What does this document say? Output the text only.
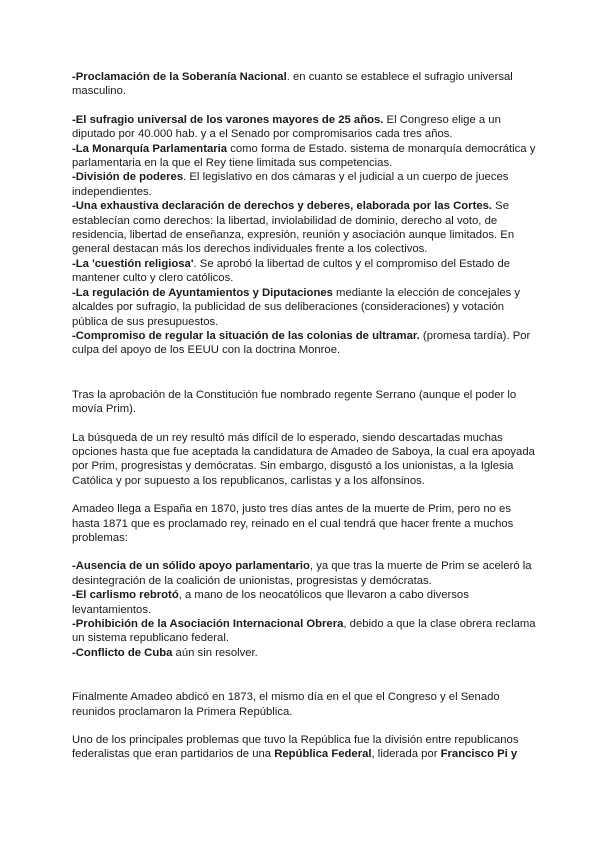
-Proclamación de la Soberanía Nacional. en cuanto se establece el sufragio universal masculino.

-El sufragio universal de los varones mayores de 25 años. El Congreso elige a un diputado por 40.000 hab. y a el Senado por compromisarios cada tres años.

-La Monarquía Parlamentaria como forma de Estado. sistema de monarquía democrática y parlamentaria en la que el Rey tiene limitada sus competencias.

-División de poderes. El legislativo en dos cámaras y el judicial a un cuerpo de jueces independientes.

-Una exhaustiva declaración de derechos y deberes, elaborada por las Cortes. Se establecían como derechos: la libertad, inviolabilidad de dominio, derecho al voto, de residencia, libertad de enseñanza, expresión, reunión y asociación aunque limitados. En general destacan más los derechos individuales frente a los colectivos.

-La 'cuestión religiosa'. Se aprobó la libertad de cultos y el compromiso del Estado de mantener culto y clero católicos.

-La regulación de Ayuntamientos y Diputaciones mediante la elección de concejales y alcaldes por sufragio, la publicidad de sus deliberaciones (consideraciones) y votación pública de sus presupuestos.

-Compromiso de regular la situación de las colonias de ultramar. (promesa tardía). Por culpa del apoyo de los EEUU con la doctrina Monroe.

Tras la aprobación de la Constitución fue nombrado regente Serrano (aunque el poder lo movía Prim).

La búsqueda de un rey resultó más difícil de lo esperado, siendo descartadas muchas opciones hasta que fue aceptada la candidatura de Amadeo de Saboya, la cual era apoyada por Prim, progresistas y demócratas. Sin embargo, disgustó a los unionistas, a la Iglesia Católica y por supuesto a los republicanos, carlistas y a los alfonsinos.

Amadeo llega a España en 1870, justo tres días antes de la muerte de Prim, pero no es hasta 1871 que es proclamado rey, reinado en el cual tendrá que hacer frente a muchos problemas:

-Ausencia de un sólido apoyo parlamentario, ya que tras la muerte de Prim se aceleró la desintegración de la coalición de unionistas, progresistas y demócratas.

-El carlismo rebrotó, a mano de los neocatólicos que llevaron a cabo diversos levantamientos.

-Prohibición de la Asociación Internacional Obrera, debido a que la clase obrera reclama un sistema republicano federal.

-Conflicto de Cuba aún sin resolver.

Finalmente Amadeo abdicó en 1873, el mismo día en el que el Congreso y el Senado reunidos proclamaron la Primera República.

Uno de los principales problemas que tuvo la República fue la división entre republicanos federalistas que eran partidarios de una República Federal, liderada por Francisco Pi y
